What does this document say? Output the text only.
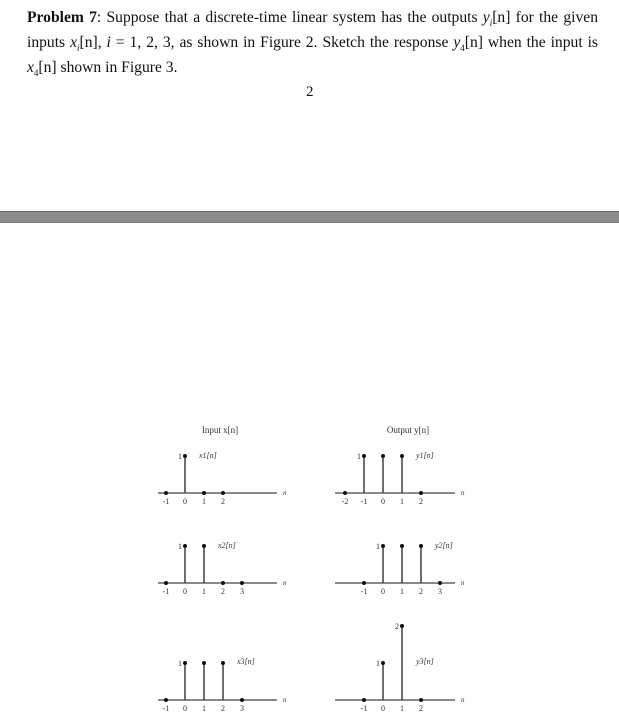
Problem 7: Suppose that a discrete-time linear system has the outputs $y_i[n]$ for the given inputs $x_i[n]$, i = 1, 2, 3, as shown in Figure 2. Sketch the response $y_4[n]$ when the input is $x_4[n]$ shown in Figure 3.
2
Input x[n]	Output y[n]
n
1
-1 0 1 2
x1[n]
n
1
-1 0 1 2 3
x2[n]
n
1
-1 0 1 2 3
x3[n]
n
1
-2 -1 0 1 2
y1[n]
n
1
-1 0 1 2 3
y2[n]
n
1
2
-1 0 1 2
y3[n]
